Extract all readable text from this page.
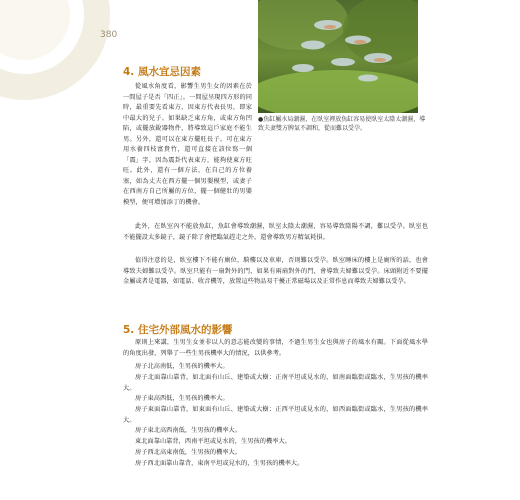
380
●魚缸屬水局潮濕，在臥室裡放魚缸容易使臥室太陰太潮濕，導致夫妻雙方脾氣不調和，從而難以受孕。
4. 風水宜忌因素
從風水角度看，影響生男生女的因素在於一間屋子是否「四正」。一間屋呈現四方形的同時，最重要先看東方，因東方代表長男，即家中最大的兒子。如果缺乏東方角，或東方角凹陷，或擺放銳器物件，將導致這戶家庭不能生男。另外，還可以在東方擺旺長子。可在東方用水養四枝富貴竹，還可直接在該位寫一個「震」字，因為震卦代表東方，能夠使東方旺旺。此外，還有一個方法，在自己的方位養塞，如為丈夫在西方擺一個男嬰模型，或妻子在西南方自己所屬的方位，擺一個健壯的男嬰模型，便可增加添丁的機會。
此外，在臥室內不能放魚缸，魚缸會導致潮濕，臥室太陰太潮濕，容易導致陰陽不調，難以受孕。臥室也不能擺設太多鏡子，鏡子除了會把臨氣趕走之外，還會導致男方精氣耗損。
值得注意的是，臥室樓下不能有廁位，騎樓以及車庫，否則難以受孕。臥室睡床的樓上是廁所的話，也會導致夫婦難以受孕。臥室只能有一扇對外的門，如果有兩扇對外的門，會導致夫婦難以受孕。床頭附近不要擺金屬或者是電器，如電話、收音機等，放置這些物品易干擾正常磁場以及正常作息而導致夫婦難以受孕。
5. 住宅外部風水的影響
原則上來講，生男生女並非以人的意志能改變的事情，不過生男生女也與房子的風水有關。下面從風水學的角度出發，列舉了一些生男孩機率大的情況，以供參考。
房子北高南低，生男孩的機率大。
房子北面靠山靠背，如北面有山丘、建築或大樹；正南平坦或見水的，如南面臨街或臨水，生男孩的機率大。
房子東高西低，生男孩的機率大。
房子東面靠山靠背，如東面有山丘、建築或大樹；正西平坦或見水的，如西面臨街或臨水，生男孩的機率大。
房子東北高西南低，生男孩的機率大。
東北面靠山靠背，西南平坦或見水的，生男孩的機率大。
房子西北高東南低，生男孩的機率大。
房子西北面靠山靠背，東南平坦或見水的，生男孩的機率大。
